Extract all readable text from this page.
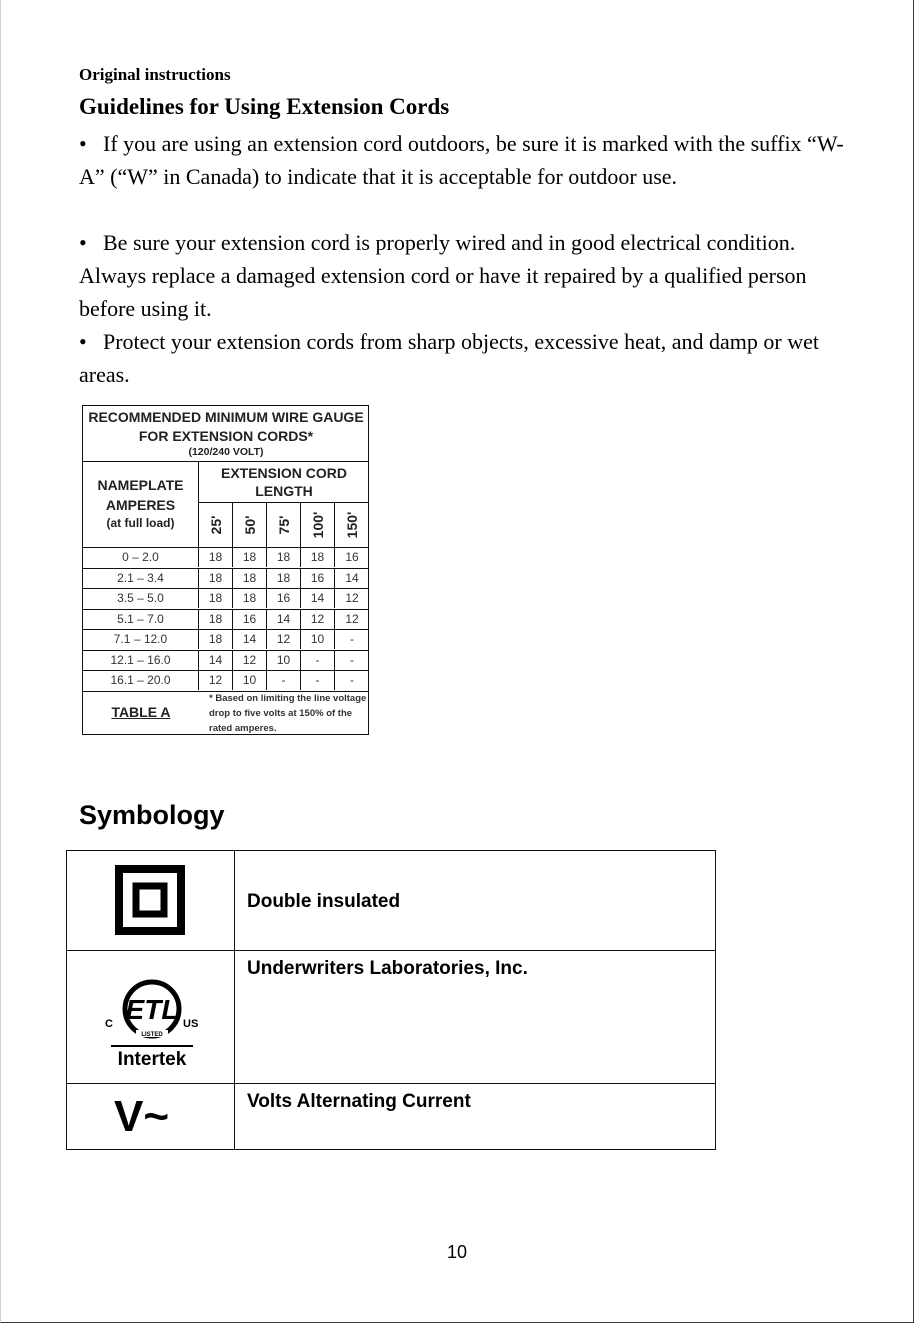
Original instructions
Guidelines for Using Extension Cords
• If you are using an extension cord outdoors, be sure it is marked with the suffix “W-A” (“W” in Canada) to indicate that it is acceptable for outdoor use.
• Be sure your extension cord is properly wired and in good electrical condition. Always replace a damaged extension cord or have it repaired by a qualified person before using it.
• Protect your extension cords from sharp objects, excessive heat, and damp or wet areas.
RECOMMENDED MINIMUM WIRE GAUGE FOR EXTENSION CORDS*
(120/240 VOLT)
NAMEPLATE AMPERES
(at full load)
EXTENSION CORD LENGTH
25' 50' 75' 100' 150'
0 – 2.0	18	18	18	18	16
2.1 – 3.4	18	18	18	16	14
3.5 – 5.0	18	18	16	14	12
5.1 – 7.0	18	16	14	12	12
7.1 – 12.0	18	14	12	10	-
12.1 – 16.0	14	12	10	-	-
16.1 – 20.0	12	10	-	-	-
TABLE A
* Based on limiting the line voltage drop to five volts at 150% of the rated amperes.
Symbology
Double insulated
ETL
LISTED
C	US
Intertek
Underwriters Laboratories, Inc.
V~	Volts Alternating Current
10
